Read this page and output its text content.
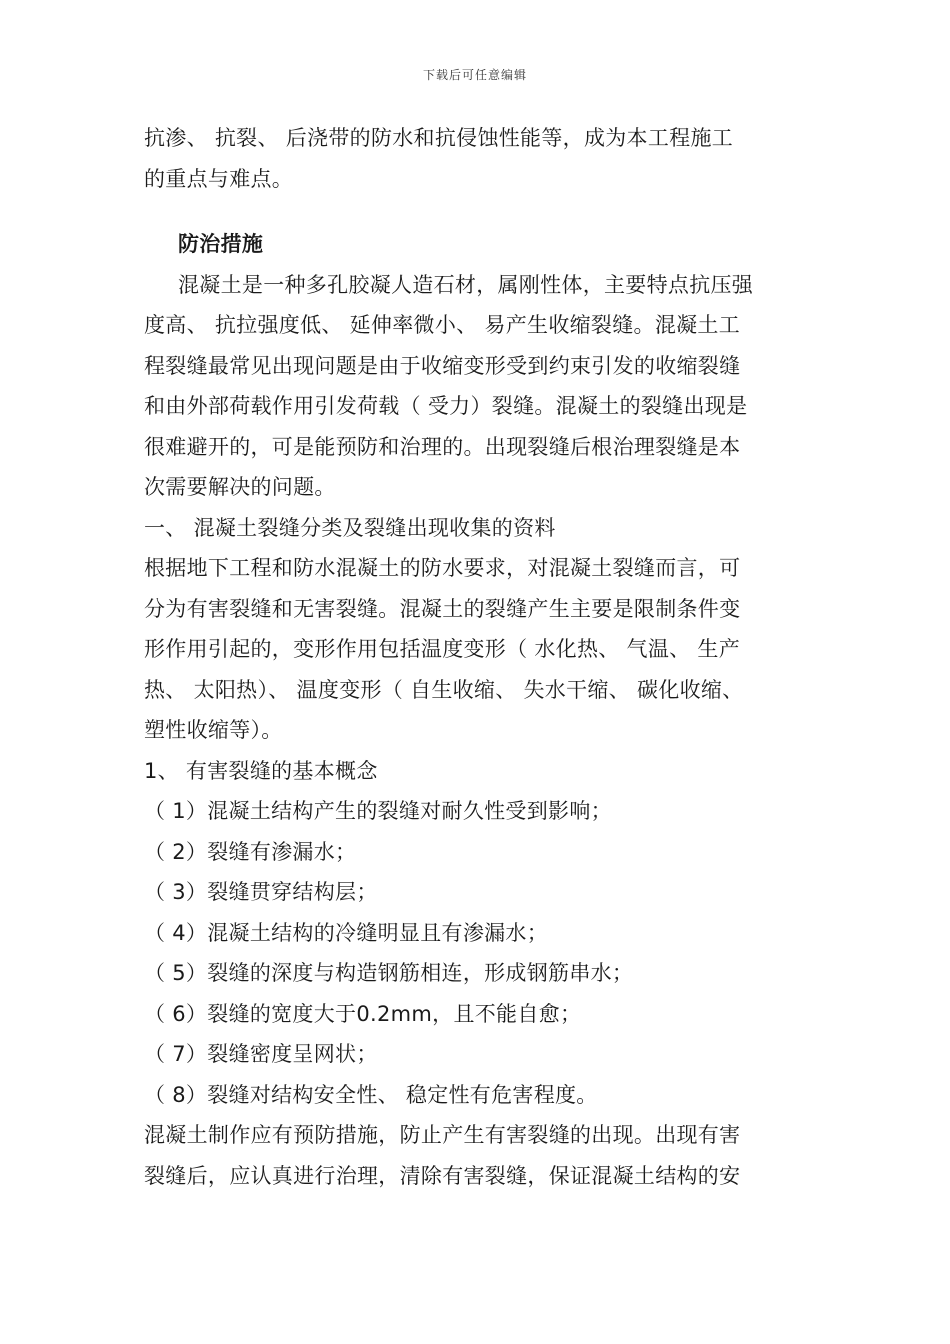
下载后可任意编辑
抗渗、 抗裂、 后浇带的防水和抗侵蚀性能等，成为本工程施工
的重点与难点。
防治措施
混凝土是一种多孔胶凝人造石材，属刚性体，主要特点抗压强
度高、 抗拉强度低、 延伸率微小、 易产生收缩裂缝。混凝土工
程裂缝最常见出现问题是由于收缩变形受到约束引发的收缩裂缝
和由外部荷载作用引发荷载（ 受力）裂缝。混凝土的裂缝出现是
很难避开的，可是能预防和治理的。出现裂缝后根治理裂缝是本
次需要解决的问题。
一、 混凝土裂缝分类及裂缝出现收集的资料
根据地下工程和防水混凝土的防水要求，对混凝土裂缝而言，可
分为有害裂缝和无害裂缝。混凝土的裂缝产生主要是限制条件变
形作用引起的，变形作用包括温度变形（ 水化热、 气温、 生产
热、 太阳热）、 温度变形（ 自生收缩、 失水干缩、 碳化收缩、
塑性收缩等）。
1、 有害裂缝的基本概念
（ 1）混凝土结构产生的裂缝对耐久性受到影响；
（ 2）裂缝有渗漏水；
（ 3）裂缝贯穿结构层；
（ 4）混凝土结构的冷缝明显且有渗漏水；
（ 5）裂缝的深度与构造钢筋相连，形成钢筋串水；
（ 6）裂缝的宽度大于0.2mm，且不能自愈；
（ 7）裂缝密度呈网状；
（ 8）裂缝对结构安全性、 稳定性有危害程度。
混凝土制作应有预防措施，防止产生有害裂缝的出现。出现有害
裂缝后，应认真进行治理，清除有害裂缝，保证混凝土结构的安
